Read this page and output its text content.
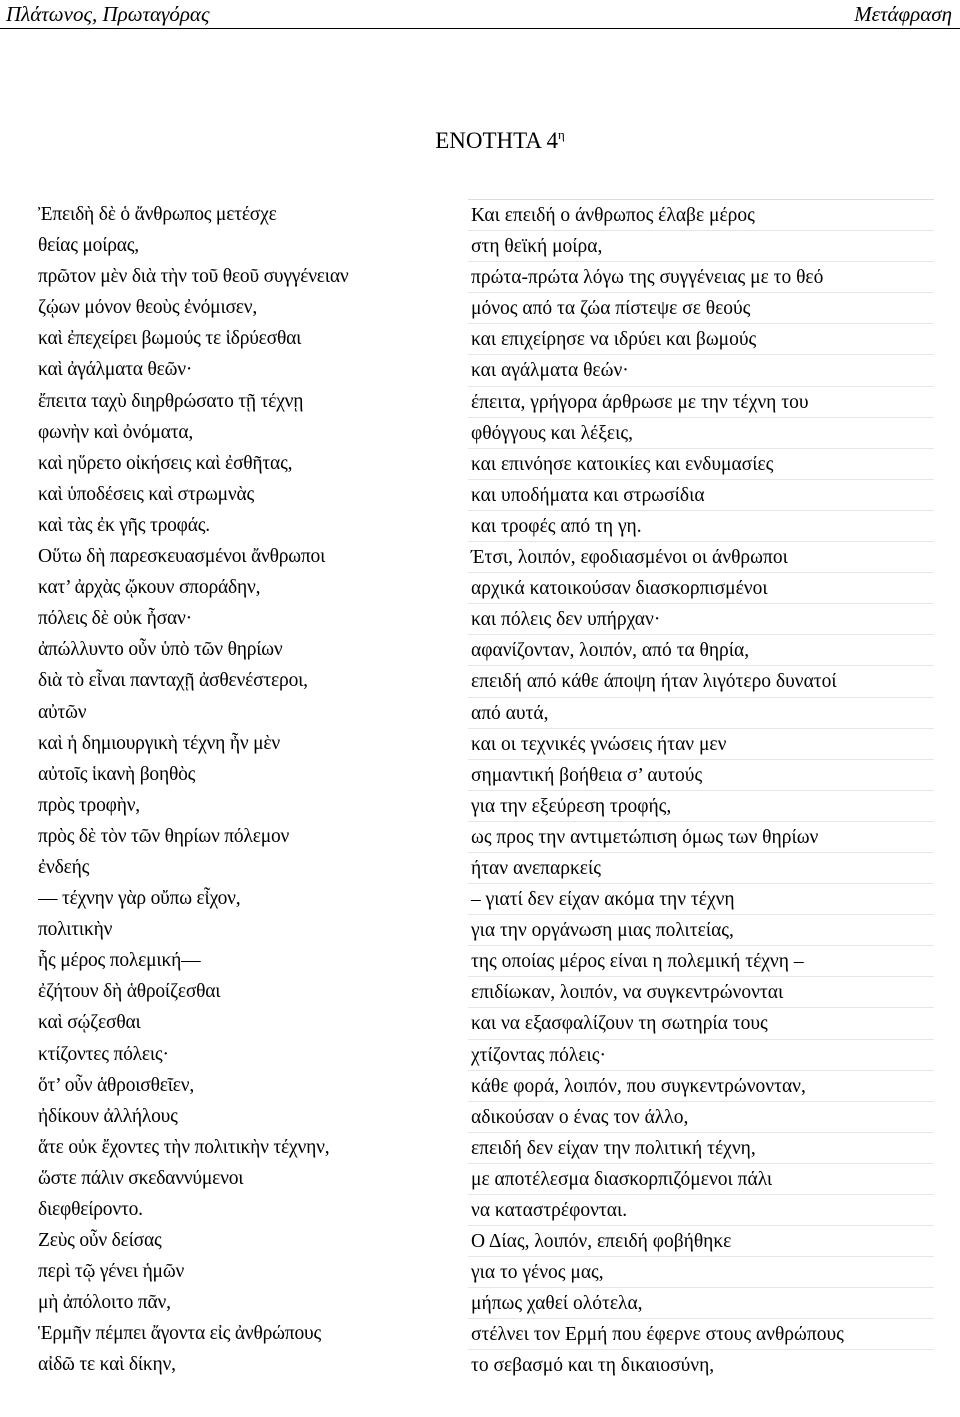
Πλάτωνος, Πρωταγόρας	Μετάφραση
ΕΝΟΤΗΤΑ $4^\eta$
Ἐπειδὴ δὲ ὁ ἄνθρωπος μετέσχε
θείας μοίρας,
πρῶτον μὲν διὰ τὴν τοῦ θεοῦ συγγένειαν
ζῴων μόνον θεοὺς ἐνόμισεν,
καὶ ἐπεχείρει βωμούς τε ἱδρύεσθαι
καὶ ἀγάλματα θεῶν·
ἔπειτα ταχὺ διηρθρώσατο τῇ τέχνῃ
φωνὴν καὶ ὀνόματα,
καὶ ηὕρετο οἰκήσεις καὶ ἐσθῆτας,
καὶ ὑποδέσεις καὶ στρωμνὰς
καὶ τὰς ἐκ γῆς τροφάς.
Οὕτω δὴ παρεσκευασμένοι ἄνθρωποι
κατ’ ἀρχὰς ᾤκουν σποράδην,
πόλεις δὲ οὐκ ἦσαν·
ἀπώλλυντο οὖν ὑπὸ τῶν θηρίων
διὰ τὸ εἶναι πανταχῇ ἀσθενέστεροι,
αὐτῶν
καὶ ἡ δημιουργικὴ τέχνη ἦν μὲν
αὐτοῖς ἱκανὴ βοηθὸς
πρὸς τροφὴν,
πρὸς δὲ τὸν τῶν θηρίων πόλεμον
ἐνδεής
— τέχνην γὰρ οὔπω εἶχον,
πολιτικὴν
ἧς μέρος πολεμική—
ἐζήτουν δὴ ἁθροίζεσθαι
καὶ σῴζεσθαι
κτίζοντες πόλεις·
ὅτ’ οὖν ἁθροισθεῖεν,
ἠδίκουν ἀλλήλους
ἅτε οὐκ ἔχοντες τὴν πολιτικὴν τέχνην,
ὥστε πάλιν σκεδαννύμενοι
διεφθείροντο.
Ζεὺς οὖν δείσας
περὶ τῷ γένει ἡμῶν
μὴ ἀπόλοιτο πᾶν,
Ἑρμῆν πέμπει ἄγοντα εἰς ἀνθρώπους
αἰδῶ τε καὶ δίκην,
Και επειδή ο άνθρωπος έλαβε μέρος
στη θεϊκή μοίρα,
πρώτα-πρώτα λόγω της συγγένειας με το θεό
μόνος από τα ζώα πίστεψε σε θεούς
και επιχείρησε να ιδρύει και βωμούς
και αγάλματα θεών·
έπειτα, γρήγορα άρθρωσε με την τέχνη του
φθόγγους και λέξεις,
και επινόησε κατοικίες και ενδυμασίες
και υποδήματα και στρωσίδια
και τροφές από τη γη.
Έτσι, λοιπόν, εφοδιασμένοι οι άνθρωποι
αρχικά κατοικούσαν διασκορπισμένοι
και πόλεις δεν υπήρχαν·
αφανίζονταν, λοιπόν, από τα θηρία,
επειδή από κάθε άποψη ήταν λιγότερο δυνατοί
από αυτά,
και οι τεχνικές γνώσεις ήταν μεν
σημαντική βοήθεια σ’ αυτούς
για την εξεύρεση τροφής,
ως προς την αντιμετώπιση όμως των θηρίων
ήταν ανεπαρκείς
– γιατί δεν είχαν ακόμα την τέχνη
για την οργάνωση μιας πολιτείας,
της οποίας μέρος είναι η πολεμική τέχνη –
επιδίωκαν, λοιπόν, να συγκεντρώνονται
και να εξασφαλίζουν τη σωτηρία τους
χτίζοντας πόλεις·
κάθε φορά, λοιπόν, που συγκεντρώνονταν,
αδικούσαν ο ένας τον άλλο,
επειδή δεν είχαν την πολιτική τέχνη,
με αποτέλεσμα διασκορπιζόμενοι πάλι
να καταστρέφονται.
Ο Δίας, λοιπόν, επειδή φοβήθηκε
για το γένος μας,
μήπως χαθεί ολότελα,
στέλνει τον Ερμή που έφερνε στους ανθρώπους
το σεβασμό και τη δικαιοσύνη,
